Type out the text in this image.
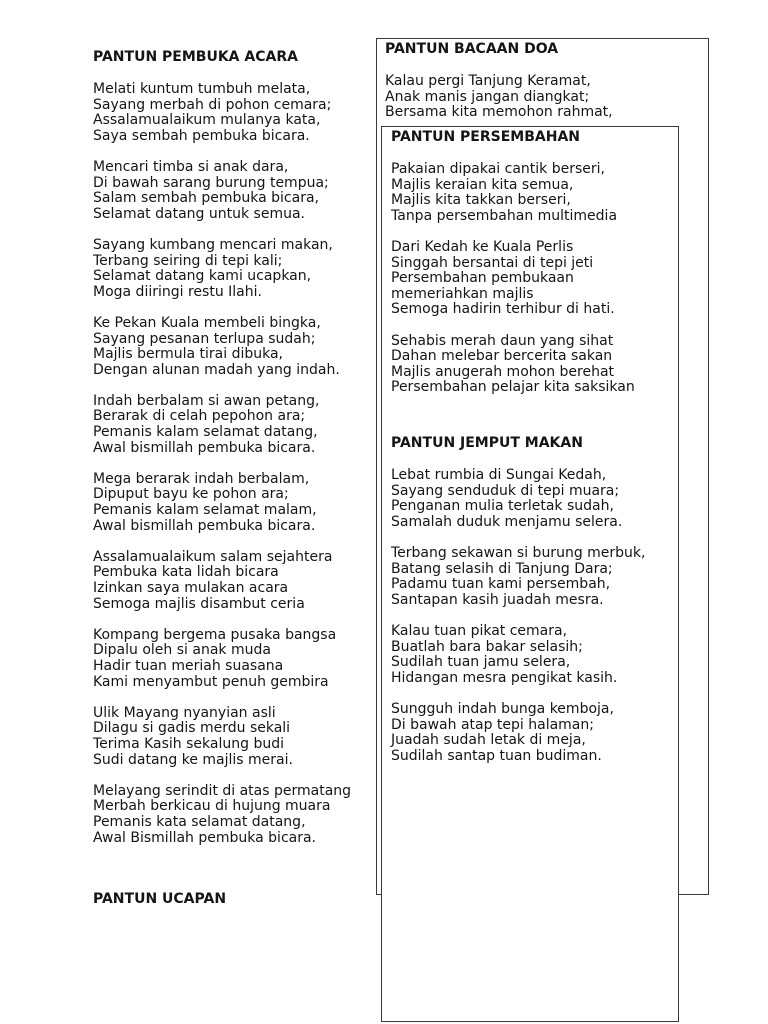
PANTUN PEMBUKA ACARA
Melati kuntum tumbuh melata,
Sayang merbah di pohon cemara;
Assalamualaikum mulanya kata,
Saya sembah pembuka bicara.
Mencari timba si anak dara,
Di bawah sarang burung tempua;
Salam sembah pembuka bicara,
Selamat datang untuk semua.
Sayang kumbang mencari makan,
Terbang seiring di tepi kali;
Selamat datang kami ucapkan,
Moga diiringi restu Ilahi.
Ke Pekan Kuala membeli bingka,
Sayang pesanan terlupa sudah;
Majlis bermula tirai dibuka,
Dengan alunan madah yang indah.
Indah berbalam si awan petang,
Berarak di celah pepohon ara;
Pemanis kalam selamat datang,
Awal bismillah pembuka bicara.
Mega berarak indah berbalam,
Dipuput bayu ke pohon ara;
Pemanis kalam selamat malam,
Awal bismillah pembuka bicara.
Assalamualaikum salam sejahtera
Pembuka kata lidah bicara
Izinkan saya mulakan acara
Semoga majlis disambut ceria
Kompang bergema pusaka bangsa
Dipalu oleh si anak muda
Hadir tuan meriah suasana
Kami menyambut penuh gembira
Ulik Mayang nyanyian asli
Dilagu si gadis merdu sekali
Terima Kasih sekalung budi
Sudi datang ke majlis merai.
Melayang serindit di atas permatang
Merbah berkicau di hujung muara
Pemanis kata selamat datang,
Awal Bismillah pembuka bicara.
PANTUN UCAPAN
PANTUN BACAAN DOA
Kalau pergi Tanjung Keramat,
Anak manis jangan diangkat;
Bersama kita memohon rahmat,
PANTUN PERSEMBAHAN
Pakaian dipakai cantik berseri,
Majlis keraian kita semua,
Majlis kita takkan berseri,
Tanpa persembahan multimedia
Dari Kedah ke Kuala Perlis
Singgah bersantai di tepi jeti
Persembahan pembukaan
memeriahkan majlis
Semoga hadirin terhibur di hati.
Sehabis merah daun yang sihat
Dahan melebar bercerita sakan
Majlis anugerah mohon berehat
Persembahan pelajar kita saksikan
PANTUN JEMPUT MAKAN
Lebat rumbia di Sungai Kedah,
Sayang senduduk di tepi muara;
Penganan mulia terletak sudah,
Samalah duduk menjamu selera.
Terbang sekawan si burung merbuk,
Batang selasih di Tanjung Dara;
Padamu tuan kami persembah,
Santapan kasih juadah mesra.
Kalau tuan pikat cemara,
Buatlah bara bakar selasih;
Sudilah tuan jamu selera,
Hidangan mesra pengikat kasih.
Sungguh indah bunga kemboja,
Di bawah atap tepi halaman;
Juadah sudah letak di meja,
Sudilah santap tuan budiman.
